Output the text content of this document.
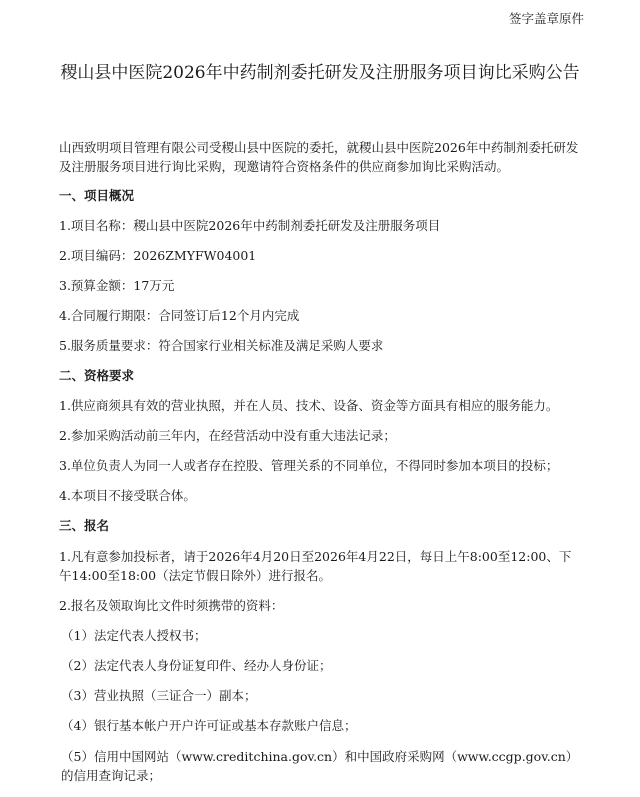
签字盖章原件
稷山县中医院2026年中药制剂委托研发及注册服务项目询比采购公告

山西致明项目管理有限公司受稷山县中医院的委托，就稷山县中医院2026年中药制剂委托研发及注册服务项目进行询比采购，现邀请符合资格条件的供应商参加询比采购活动。

一、项目概况
1.项目名称：稷山县中医院2026年中药制剂委托研发及注册服务项目
2.项目编码：2026ZMYFW04001
3.预算金额：17万元
4.合同履行期限：合同签订后12个月内完成
5.服务质量要求：符合国家行业相关标准及满足采购人要求
二、资格要求
1.供应商须具有效的营业执照，并在人员、技术、设备、资金等方面具有相应的服务能力。
2.参加采购活动前三年内，在经营活动中没有重大违法记录；
3.单位负责人为同一人或者存在控股、管理关系的不同单位，不得同时参加本项目的投标；
4.本项目不接受联合体。
三、报名
1.凡有意参加投标者，请于2026年4月20日至2026年4月22日，每日上午8:00至12:00、下午14:00至18:00（法定节假日除外）进行报名。
2.报名及领取询比文件时须携带的资料：
（1）法定代表人授权书；
（2）法定代表人身份证复印件、经办人身份证；
（3）营业执照（三证合一）副本；
（4）银行基本帐户开户许可证或基本存款账户信息；
（5）信用中国网站（www.creditchina.gov.cn）和中国政府采购网（www.ccgp.gov.cn）的信用查询记录；
